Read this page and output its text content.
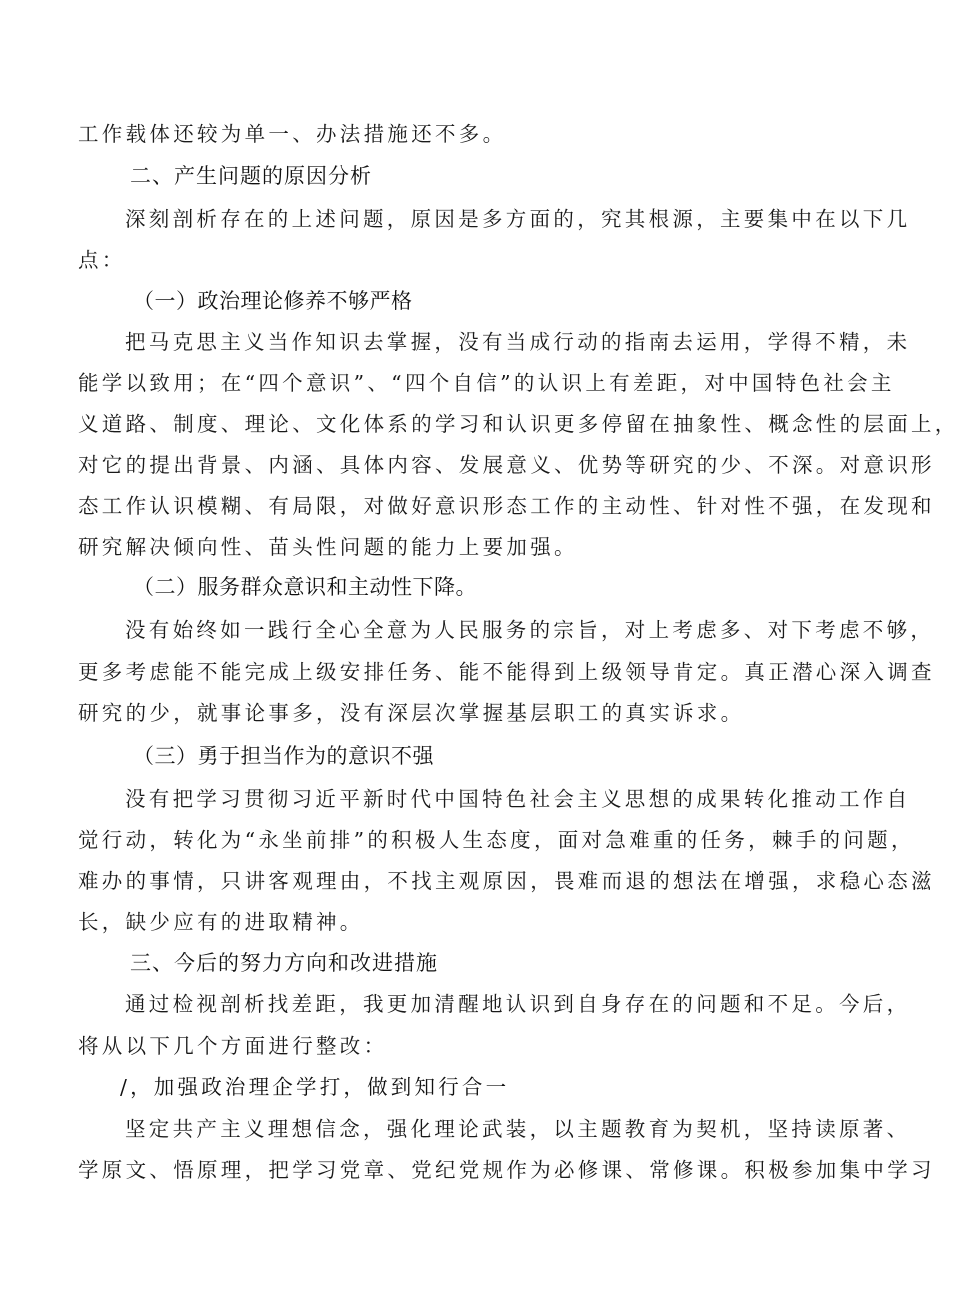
工作载体还较为单一、办法措施还不多。
二、产生问题的原因分析
深刻剖析存在的上述问题，原因是多方面的，究其根源，主要集中在以下几
点：
（一）政治理论修养不够严格
把马克思主义当作知识去掌握，没有当成行动的指南去运用，学得不精，未
能学以致用；在“四个意识”、“四个自信”的认识上有差距，对中国特色社会主
义道路、制度、理论、文化体系的学习和认识更多停留在抽象性、概念性的层面上，
对它的提出背景、内涵、具体内容、发展意义、优势等研究的少、不深。对意识形
态工作认识模糊、有局限，对做好意识形态工作的主动性、针对性不强，在发现和
研究解决倾向性、苗头性问题的能力上要加强。
（二）服务群众意识和主动性下降。
没有始终如一践行全心全意为人民服务的宗旨，对上考虑多、对下考虑不够，
更多考虑能不能完成上级安排任务、能不能得到上级领导肯定。真正潜心深入调查
研究的少，就事论事多，没有深层次掌握基层职工的真实诉求。
（三）勇于担当作为的意识不强
没有把学习贯彻习近平新时代中国特色社会主义思想的成果转化推动工作自
觉行动，转化为“永坐前排”的积极人生态度，面对急难重的任务，棘手的问题，
难办的事情，只讲客观理由，不找主观原因，畏难而退的想法在增强，求稳心态滋
长，缺少应有的进取精神。
三、今后的努力方向和改进措施
通过检视剖析找差距，我更加清醒地认识到自身存在的问题和不足。今后，
将从以下几个方面进行整改：
/，加强政治理企学打，做到知行合一
坚定共产主义理想信念，强化理论武装，以主题教育为契机，坚持读原著、
学原文、悟原理，把学习党章、党纪党规作为必修课、常修课。积极参加集中学习
